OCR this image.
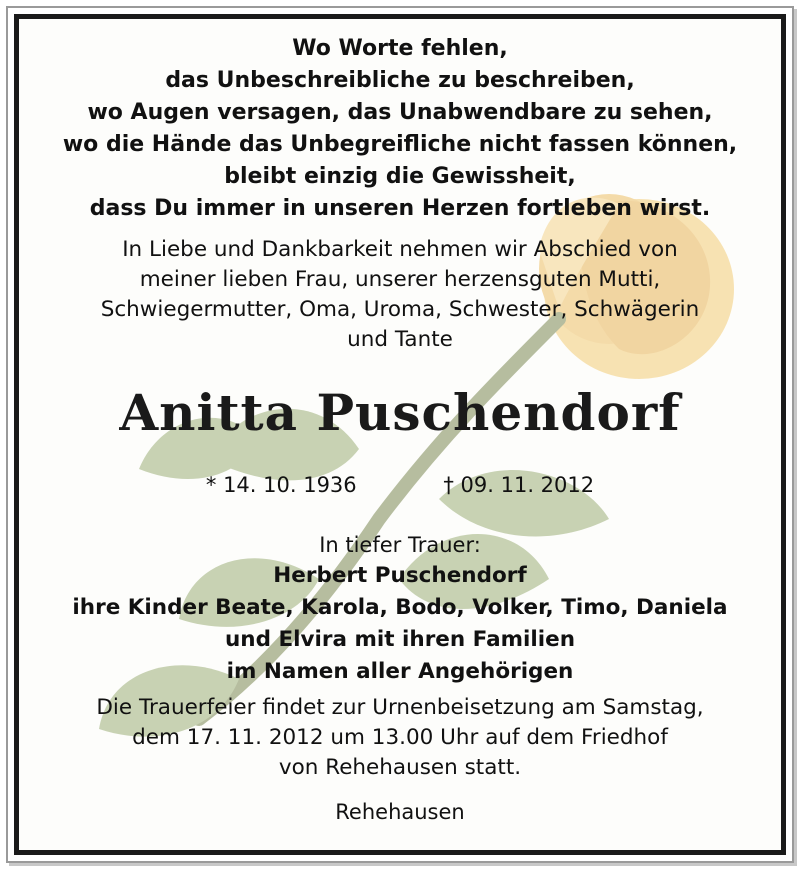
Wo Worte fehlen,
das Unbeschreibliche zu beschreiben,
wo Augen versagen, das Unabwendbare zu sehen,
wo die Hände das Unbegreifliche nicht fassen können,
bleibt einzig die Gewissheit,
dass Du immer in unseren Herzen fortleben wirst.
In Liebe und Dankbarkeit nehmen wir Abschied von
meiner lieben Frau, unserer herzensguten Mutti,
Schwiegermutter, Oma, Uroma, Schwester, Schwägerin
und Tante
Anitta Puschendorf
* 14. 10. 1936	† 09. 11. 2012
In tiefer Trauer:
Herbert Puschendorf
ihre Kinder Beate, Karola, Bodo, Volker, Timo, Daniela
und Elvira mit ihren Familien
im Namen aller Angehörigen
Die Trauerfeier findet zur Urnenbeisetzung am Samstag,
dem 17. 11. 2012 um 13.00 Uhr auf dem Friedhof
von Rehehausen statt.
Rehehausen
